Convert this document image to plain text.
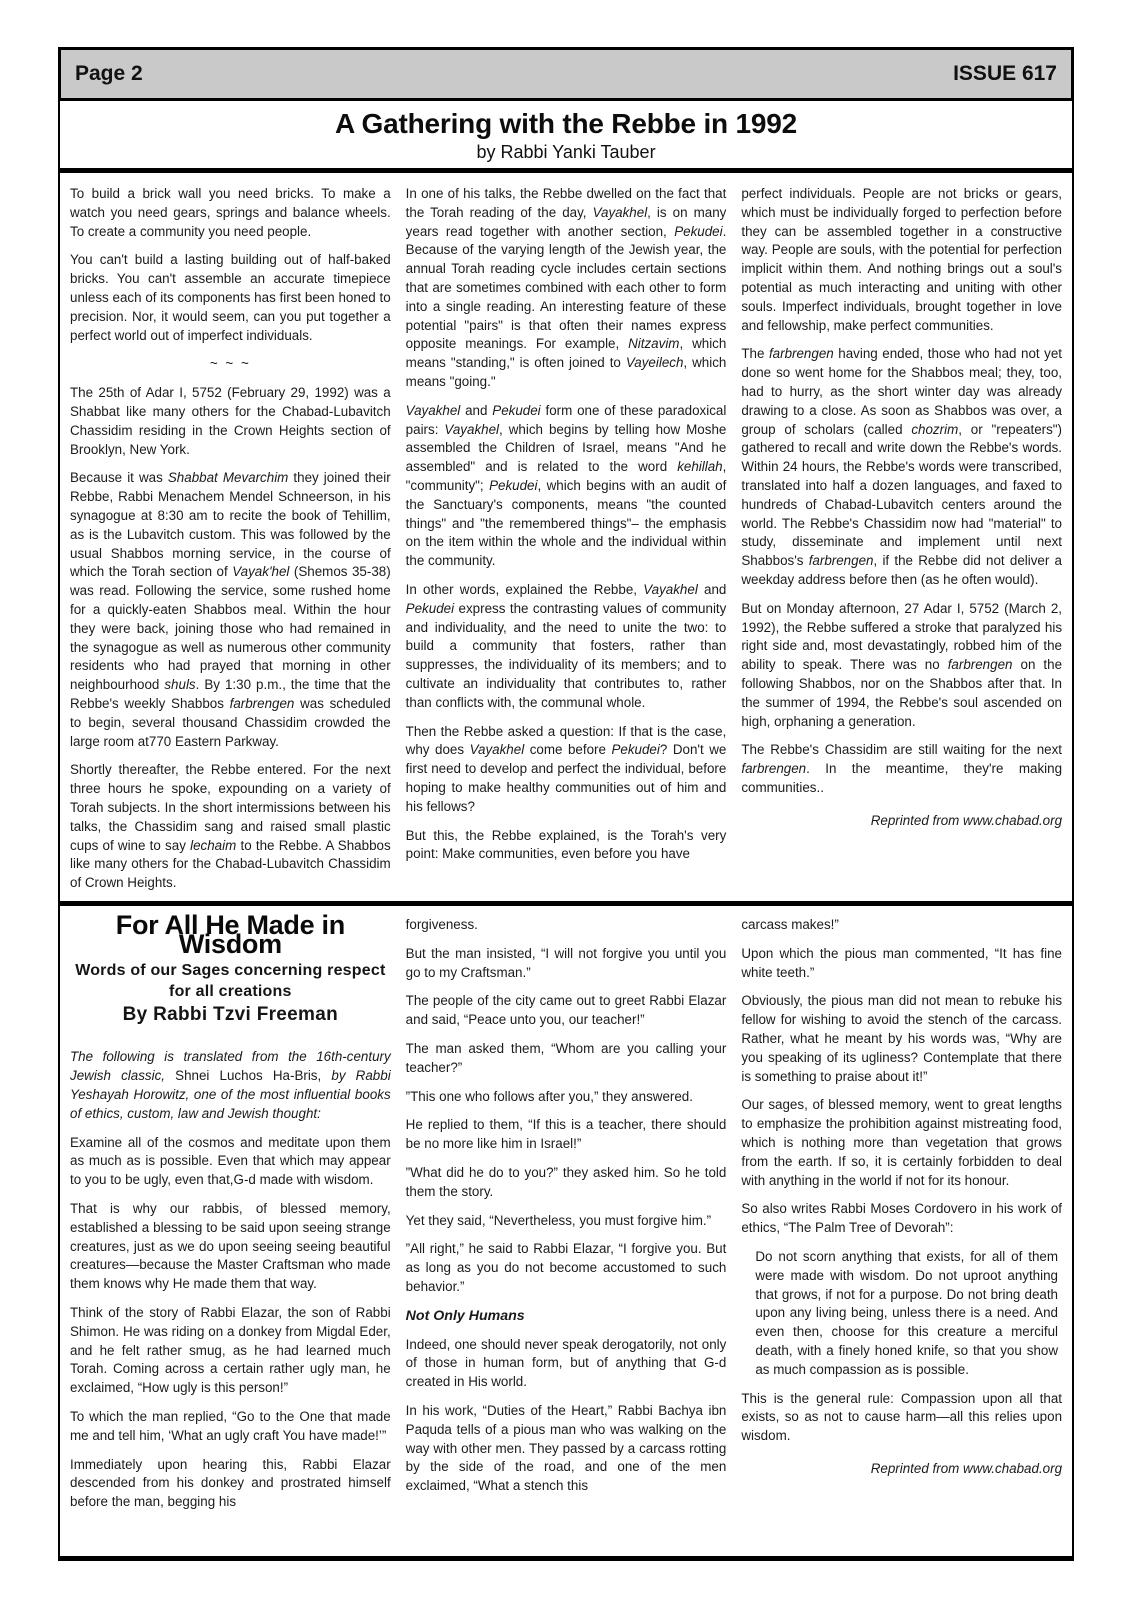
Page 2	ISSUE 617
A Gathering with the Rebbe in 1992
by Rabbi Yanki Tauber

To build a brick wall you need bricks. To make a watch you need gears, springs and balance wheels. To create a community you need people.

You can't build a lasting building out of half-baked bricks. You can't assemble an accurate timepiece unless each of its components has first been honed to precision. Nor, it would seem, can you put together a perfect world out of imperfect individuals.

~ ~ ~

The 25th of Adar I, 5752 (February 29, 1992) was a Shabbat like many others for the Chabad-Lubavitch Chassidim residing in the Crown Heights section of Brooklyn, New York.

Because it was Shabbat Mevarchim they joined their Rebbe, Rabbi Menachem Mendel Schneerson, in his synagogue at 8:30 am to recite the book of Tehillim, as is the Lubavitch custom. This was followed by the usual Shabbos morning service, in the course of which the Torah section of Vayak'hel (Shemos 35-38) was read. Following the service, some rushed home for a quickly-eaten Shabbos meal. Within the hour they were back, joining those who had remained in the synagogue as well as numerous other community residents who had prayed that morning in other neighbourhood shuls. By 1:30 p.m., the time that the Rebbe's weekly Shabbos farbrengen was scheduled to begin, several thousand Chassidim crowded the large room at770 Eastern Parkway.

Shortly thereafter, the Rebbe entered. For the next three hours he spoke, expounding on a variety of Torah subjects. In the short intermissions between his talks, the Chassidim sang and raised small plastic cups of wine to say lechaim to the Rebbe. A Shabbos like many others for the Chabad-Lubavitch Chassidim of Crown Heights.

In one of his talks, the Rebbe dwelled on the fact that the Torah reading of the day, Vayakhel, is on many years read together with another section, Pekudei. Because of the varying length of the Jewish year, the annual Torah reading cycle includes certain sections that are sometimes combined with each other to form into a single reading. An interesting feature of these potential "pairs" is that often their names express opposite meanings. For example, Nitzavim, which means "standing," is often joined to Vayeilech, which means "going."

Vayakhel and Pekudei form one of these paradoxical pairs: Vayakhel, which begins by telling how Moshe assembled the Children of Israel, means "And he assembled" and is related to the word kehillah, "community"; Pekudei, which begins with an audit of the Sanctuary's components, means "the counted things" and "the remembered things"– the emphasis on the item within the whole and the individual within the community.

In other words, explained the Rebbe, Vayakhel and Pekudei express the contrasting values of community and individuality, and the need to unite the two: to build a community that fosters, rather than suppresses, the individuality of its members; and to cultivate an individuality that contributes to, rather than conflicts with, the communal whole.

Then the Rebbe asked a question: If that is the case, why does Vayakhel come before Pekudei? Don't we first need to develop and perfect the individual, before hoping to make healthy communities out of him and his fellows?

But this, the Rebbe explained, is the Torah's very point: Make communities, even before you have

perfect individuals. People are not bricks or gears, which must be individually forged to perfection before they can be assembled together in a constructive way. People are souls, with the potential for perfection implicit within them. And nothing brings out a soul's potential as much interacting and uniting with other souls. Imperfect individuals, brought together in love and fellowship, make perfect communities.

The farbrengen having ended, those who had not yet done so went home for the Shabbos meal; they, too, had to hurry, as the short winter day was already drawing to a close. As soon as Shabbos was over, a group of scholars (called chozrim, or "repeaters") gathered to recall and write down the Rebbe's words. Within 24 hours, the Rebbe's words were transcribed, translated into half a dozen languages, and faxed to hundreds of Chabad-Lubavitch centers around the world. The Rebbe's Chassidim now had "material" to study, disseminate and implement until next Shabbos's farbrengen, if the Rebbe did not deliver a weekday address before then (as he often would).

But on Monday afternoon, 27 Adar I, 5752 (March 2, 1992), the Rebbe suffered a stroke that paralyzed his right side and, most devastatingly, robbed him of the ability to speak. There was no farbrengen on the following Shabbos, nor on the Shabbos after that. In the summer of 1994, the Rebbe's soul ascended on high, orphaning a generation.

The Rebbe's Chassidim are still waiting for the next farbrengen. In the meantime, they're making communities..

Reprinted from www.chabad.org

For All He Made in Wisdom
Words of our Sages concerning respect for all creations
By Rabbi Tzvi Freeman

The following is translated from the 16th-century Jewish classic, Shnei Luchos Ha-Bris, by Rabbi Yeshayah Horowitz, one of the most influential books of ethics, custom, law and Jewish thought:

Examine all of the cosmos and meditate upon them as much as is possible. Even that which may appear to you to be ugly, even that,G-d made with wisdom.

That is why our rabbis, of blessed memory, established a blessing to be said upon seeing strange creatures, just as we do upon seeing seeing beautiful creatures—because the Master Craftsman who made them knows why He made them that way.

Think of the story of Rabbi Elazar, the son of Rabbi Shimon. He was riding on a donkey from Migdal Eder, and he felt rather smug, as he had learned much Torah. Coming across a certain rather ugly man, he exclaimed, “How ugly is this person!”

To which the man replied, “Go to the One that made me and tell him, ‘What an ugly craft You have made!’”

Immediately upon hearing this, Rabbi Elazar descended from his donkey and prostrated himself before the man, begging his

forgiveness.

But the man insisted, “I will not forgive you until you go to my Craftsman.”

The people of the city came out to greet Rabbi Elazar and said, “Peace unto you, our teacher!”

The man asked them, “Whom are you calling your teacher?”

”This one who follows after you,” they answered.

He replied to them, “If this is a teacher, there should be no more like him in Israel!”

”What did he do to you?” they asked him. So he told them the story.

Yet they said, “Nevertheless, you must forgive him.”

”All right,” he said to Rabbi Elazar, “I forgive you. But as long as you do not become accustomed to such behavior.”

Not Only Humans

Indeed, one should never speak derogatorily, not only of those in human form, but of anything that G-d created in His world.

In his work, “Duties of the Heart,” Rabbi Bachya ibn Paquda tells of a pious man who was walking on the way with other men. They passed by a carcass rotting by the side of the road, and one of the men exclaimed, “What a stench this

carcass makes!”

Upon which the pious man commented, “It has fine white teeth.”

Obviously, the pious man did not mean to rebuke his fellow for wishing to avoid the stench of the carcass. Rather, what he meant by his words was, “Why are you speaking of its ugliness? Contemplate that there is something to praise about it!”

Our sages, of blessed memory, went to great lengths to emphasize the prohibition against mistreating food, which is nothing more than vegetation that grows from the earth. If so, it is certainly forbidden to deal with anything in the world if not for its honour.

So also writes Rabbi Moses Cordovero in his work of ethics, “The Palm Tree of Devorah”:

Do not scorn anything that exists, for all of them were made with wisdom. Do not uproot anything that grows, if not for a purpose. Do not bring death upon any living being, unless there is a need. And even then, choose for this creature a merciful death, with a finely honed knife, so that you show as much compassion as is possible.

This is the general rule: Compassion upon all that exists, so as not to cause harm—all this relies upon wisdom.

Reprinted from www.chabad.org
